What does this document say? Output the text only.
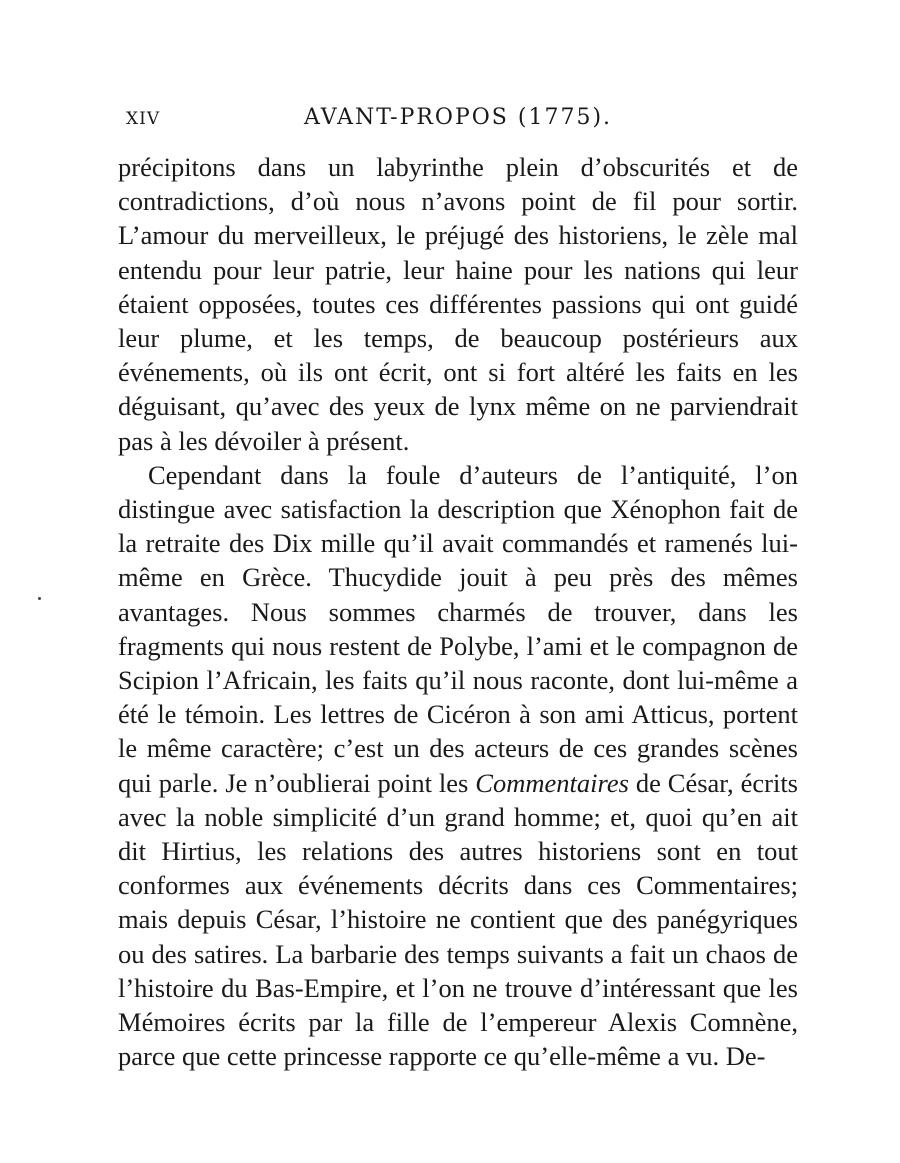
XIV	AVANT-PROPOS (1775).

précipitons dans un labyrinthe plein d’obscurités et de contradictions, d’où nous n’avons point de fil pour sortir. L’amour du merveilleux, le préjugé des historiens, le zèle mal entendu pour leur patrie, leur haine pour les nations qui leur étaient opposées, toutes ces différentes passions qui ont guidé leur plume, et les temps, de beaucoup postérieurs aux événements, où ils ont écrit, ont si fort altéré les faits en les déguisant, qu’avec des yeux de lynx même on ne parviendrait pas à les dévoiler à présent.

Cependant dans la foule d’auteurs de l’antiquité, l’on distingue avec satisfaction la description que Xénophon fait de la retraite des Dix mille qu’il avait commandés et ramenés lui-même en Grèce. Thucydide jouit à peu près des mêmes avantages. Nous sommes charmés de trouver, dans les fragments qui nous restent de Polybe, l’ami et le compagnon de Scipion l’Africain, les faits qu’il nous raconte, dont lui-même a été le témoin. Les lettres de Cicéron à son ami Atticus, portent le même caractère; c’est un des acteurs de ces grandes scènes qui parle. Je n’oublierai point les Commentaires de César, écrits avec la noble simplicité d’un grand homme; et, quoi qu’en ait dit Hirtius, les relations des autres historiens sont en tout conformes aux événements décrits dans ces Commentaires; mais depuis César, l’histoire ne contient que des panégyriques ou des satires. La barbarie des temps suivants a fait un chaos de l’histoire du Bas-Empire, et l’on ne trouve d’intéressant que les Mémoires écrits par la fille de l’empereur Alexis Comnène, parce que cette princesse rapporte ce qu’elle-même a vu. De-
